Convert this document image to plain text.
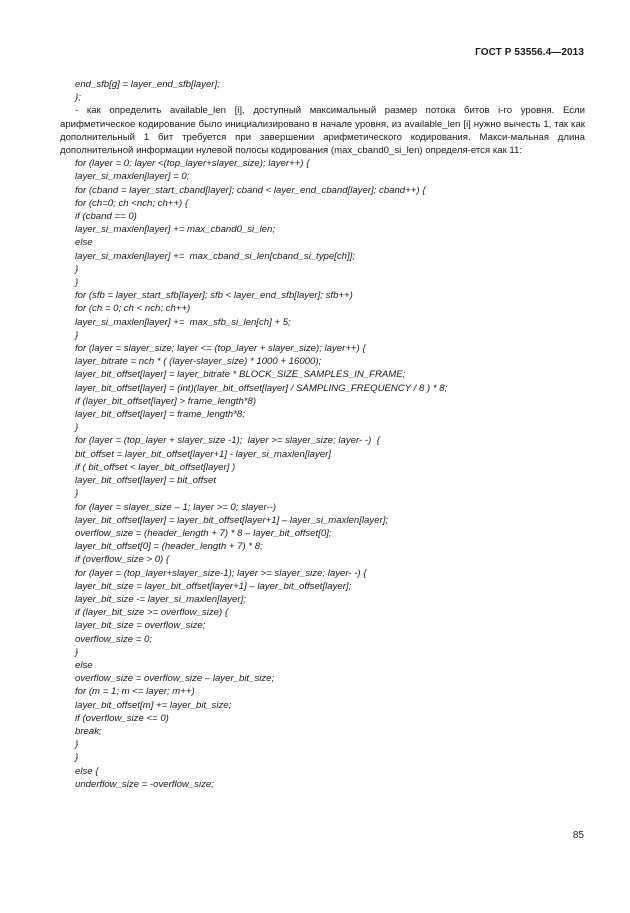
ГОСТ Р 53556.4—2013
end_sfb[g] = layer_end_sfb[layer];
};
- как определить available_len [i], доступный максимальный размер потока битов i-го уровня. Если арифметическое кодирование было инициализировано в начале уровня, из available_len [i] нужно вычесть 1, так как дополнительный 1 бит требуется при завершении арифметического кодирования. Макси-мальная длина дополнительной информации нулевой полосы кодирования (max_cband0_si_len) определя-ется как 11:
for (layer = 0; layer <(top_layer+slayer_size); layer++) {
layer_si_maxlen[layer] = 0;
for (cband = layer_start_cband[layer]; cband < layer_end_cband[layer]; cband++) {
for (ch=0; ch <nch; ch++) {
if (cband == 0)
layer_si_maxlen[layer] += max_cband0_si_len;
else
layer_si_maxlen[layer] +=  max_cband_si_len[cband_si_type[ch]];
}
}
for (sfb = layer_start_sfb[layer]; sfb < layer_end_sfb[layer]; sfb++)
for (ch = 0; ch < nch; ch++)
layer_si_maxlen[layer] +=  max_sfb_si_len[ch] + 5;
}
for (layer = slayer_size; layer <= (top_layer + slayer_size); layer++) {
layer_bitrate = nch * ( (layer-slayer_size) * 1000 + 16000);
layer_bit_offset[layer] = layer_bitrate * BLOCK_SIZE_SAMPLES_IN_FRAME;
layer_bit_offset[layer] = (int)(layer_bit_offset[layer] / SAMPLING_FREQUENCY / 8 ) * 8;
if (layer_bit_offset[layer] > frame_length*8)
layer_bit_offset[layer] = frame_length*8;
}
for (layer = (top_layer + slayer_size -1);  layer >= slayer_size; layer- -)  {
bit_offset = layer_bit_offset[layer+1] - layer_si_maxlen[layer]
if ( bit_offset < layer_bit_offset[layer] )
layer_bit_offset[layer] = bit_offset
}
for (layer = slayer_size – 1; layer >= 0; slayer--)
layer_bit_offset[layer] = layer_bit_offset[layer+1] – layer_si_maxlen[layer];
overflow_size = (header_length + 7) * 8 – layer_bit_offset[0];
layer_bit_offset[0] = (header_length + 7) * 8;
if (overflow_size > 0) {
for (layer = (top_layer+slayer_size-1); layer >= slayer_size; layer- -) {
layer_bit_size = layer_bit_offset[layer+1] – layer_bit_offset[layer];
layer_bit_size -= layer_si_maxlen[layer];
if (layer_bit_size >= overflow_size) {
layer_bit_size = overflow_size;
overflow_size = 0;
}
else
overflow_size = overflow_size – layer_bit_size;
for (m = 1; m <= layer; m++)
layer_bit_offset[m] += layer_bit_size;
if (overflow_size <= 0)
break;
}
}
else {
underflow_size = -overflow_size;
85
